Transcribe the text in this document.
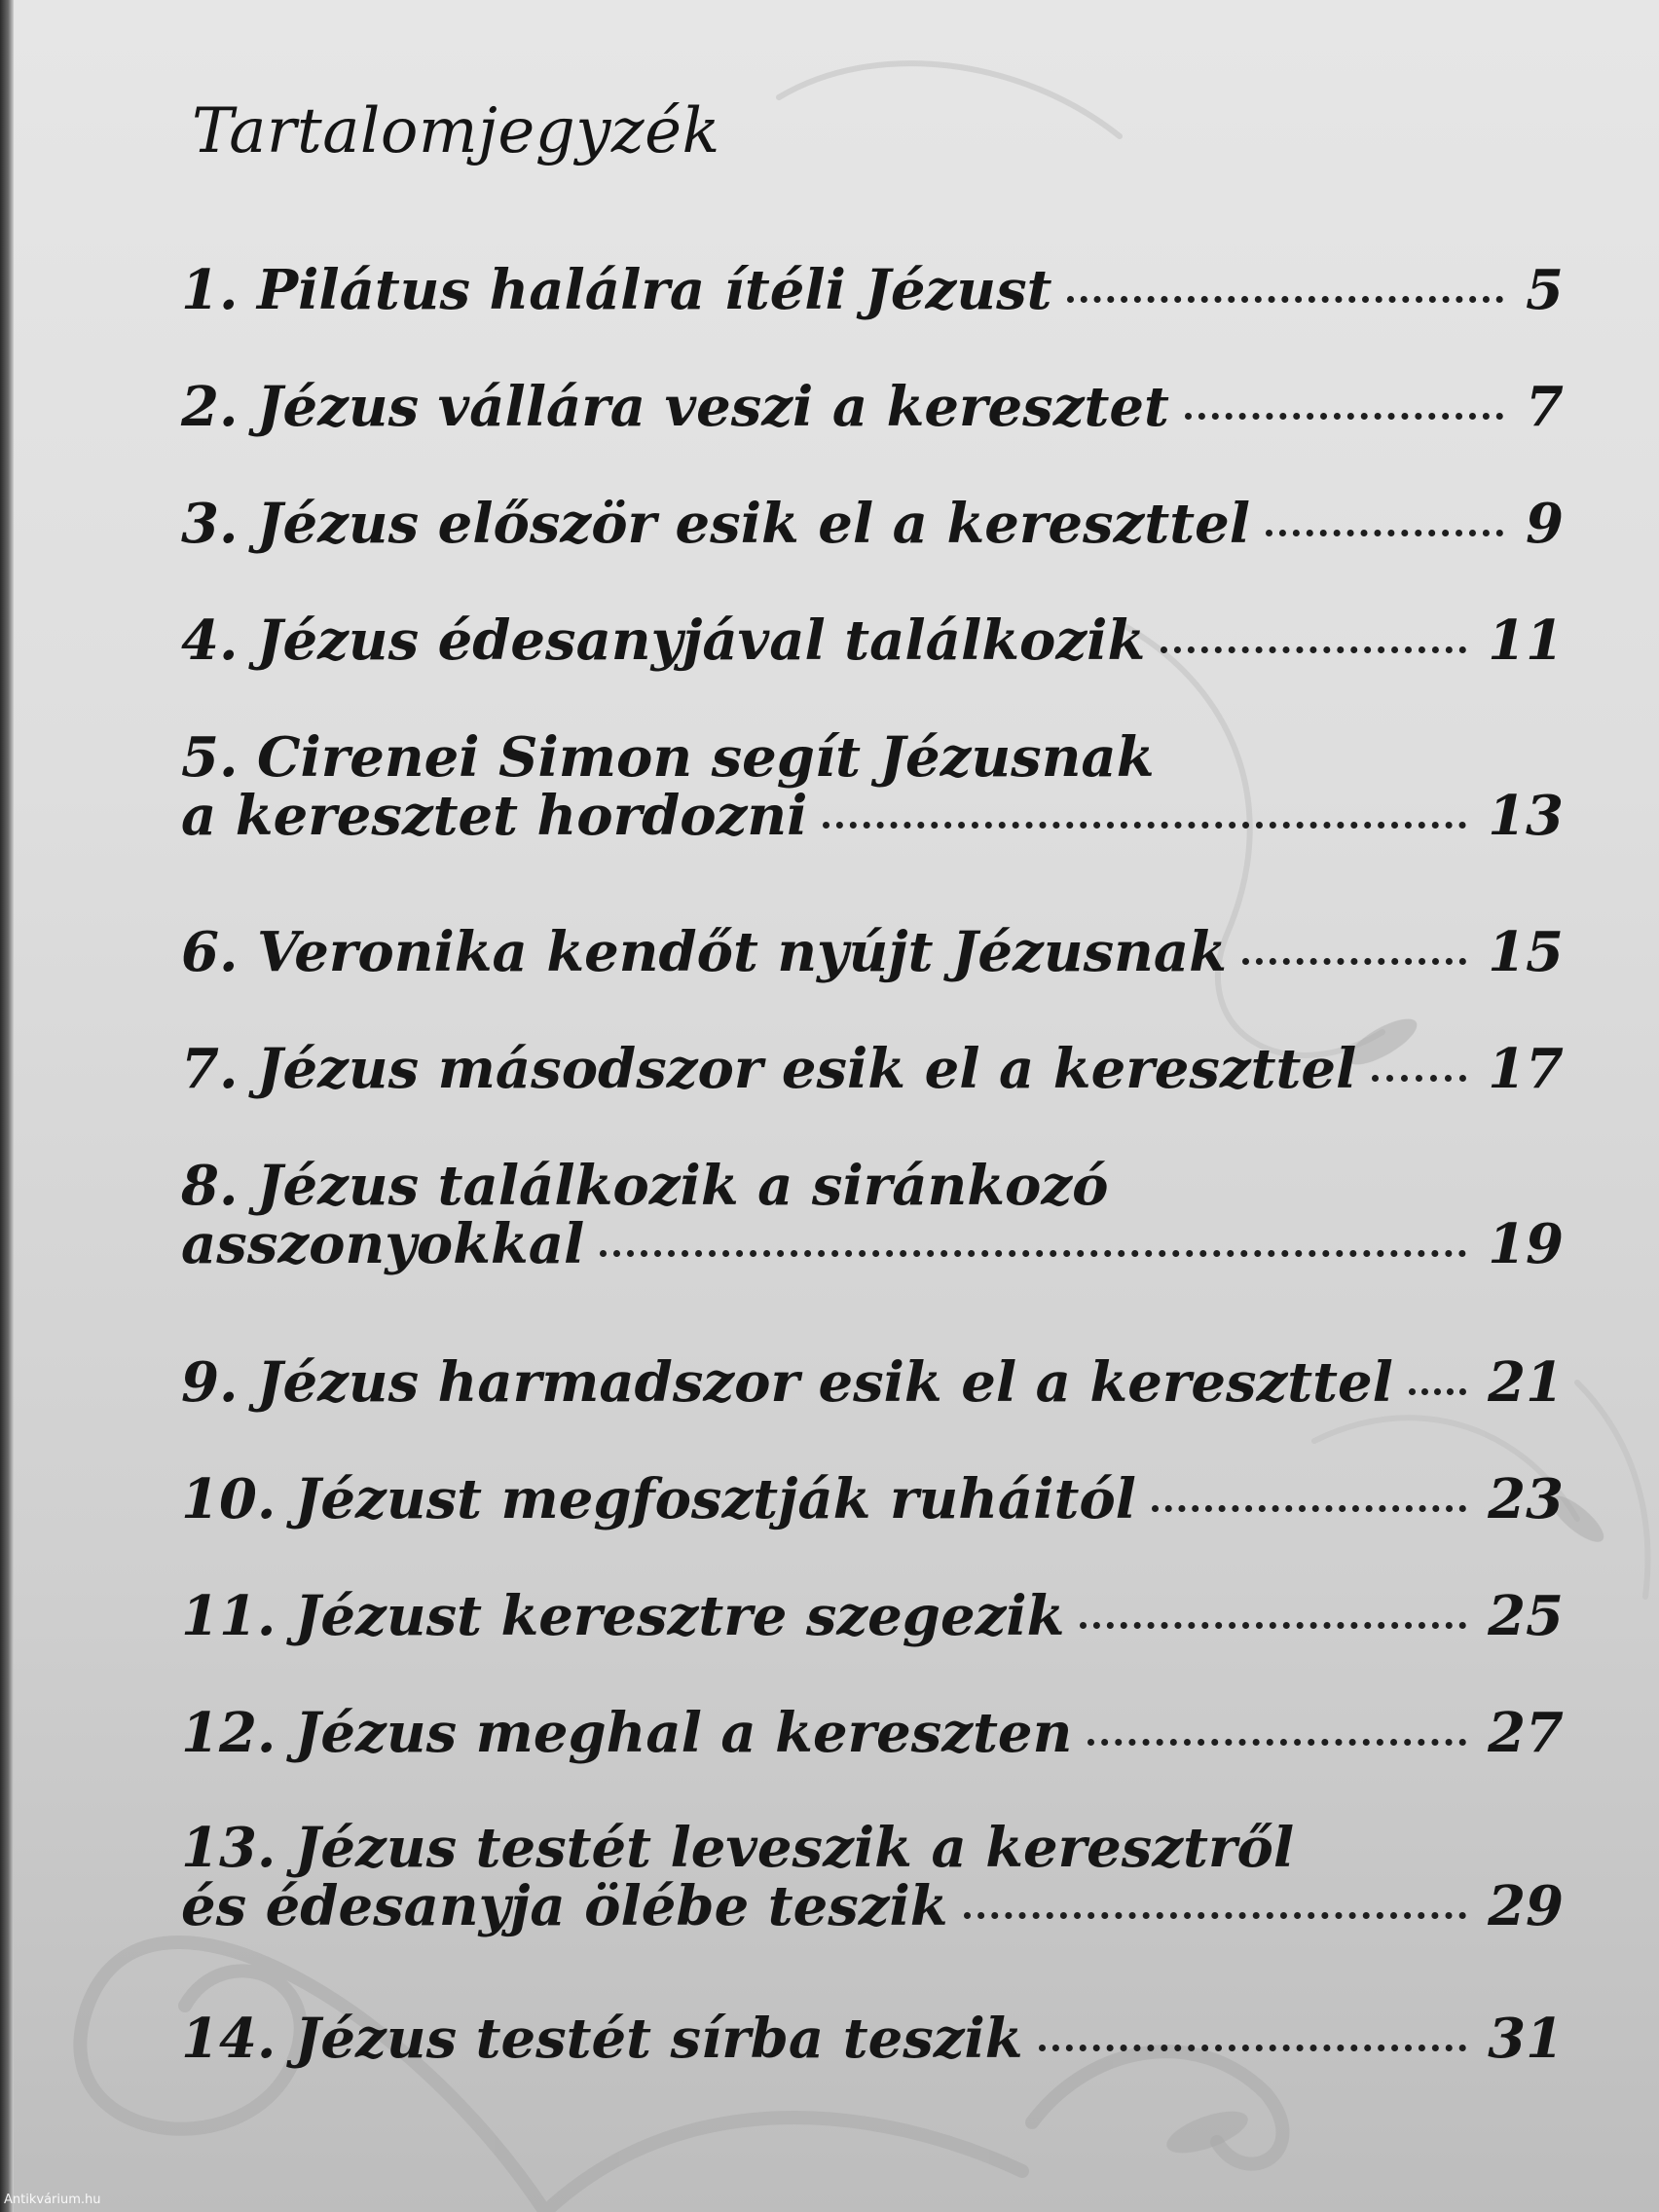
Tartalomjegyzék
1. Pilátus halálra ítéli Jézust	5
2. Jézus vállára veszi a keresztet	7
3. Jézus először esik el a kereszttel	9
4. Jézus édesanyjával találkozik	11
5. Cirenei Simon segít Jézusnak
a keresztet hordozni	13
6. Veronika kendőt nyújt Jézusnak	15
7. Jézus másodszor esik el a kereszttel 17
8. Jézus találkozik a siránkozó
asszonyokkal	19
9. Jézus harmadszor esik el a kereszttel 21
10. Jézust megfosztják ruháitól	23
11. Jézust keresztre szegezik	25
12. Jézus meghal a kereszten	27
13. Jézus testét leveszik a keresztről
és édesanyja ölébe teszik	29
14. Jézus testét sírba teszik	31
Antikvárium.hu
